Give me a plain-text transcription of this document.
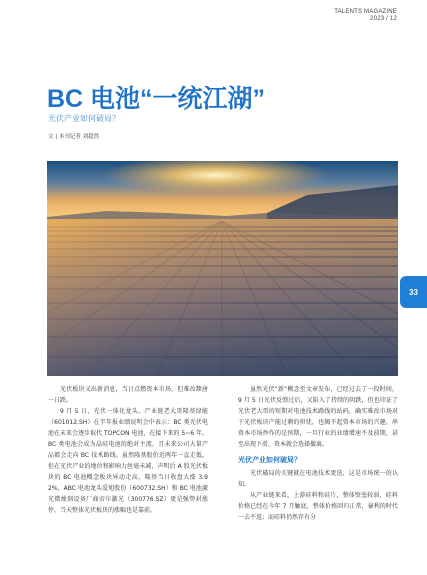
TALENTS MAGAZINE
2023 / 12
BC 电池“一统江湖”
光伏产业如何破局？
文 | 本刊记者 刘超然
33

光伏板块又出新消息，当日点燃资本市场，但难改颓唐一日跌。

9 月 5 日，光伏一体化龙头，产业链老大哥隆基绿能（601012.SH）在半年报业绩说明会中表示：BC 类光伏电池在未来会逐步取代 TOPCON 电池，在接下来的 5~6 年，BC 类电池会成为晶硅电池的绝对主流，且未来公司大量产品都会走向 BC 技术路线。虽然隆基股价近两年一直走低，但在光伏产业的地位和影响力丝毫未减，声明后 A 股光伏板块的 BC 电池概念板块异动走高，隆基当日收盘大涨 3.92%，ABC 电池龙头爱旭股份（600732.SH）和 BC 电池激光微烛刻设备厂商帝尔激光（300776.SZ）更是强势封涨停，当天整体光伏板块的涨幅也是靠前。

虽然光伏“新”概念至文章发布，已经过去了一段时间，9 月 5 日光伏反弹过后，又陷入了持续的阴跌，但也印证了光伏老大哥的短期对电池技术路线的站码，确实难改市场对于光伏板块产能过剩的担忧，也揭不起资本市场的兴趣，串资本市场炒作的是预期，一旦行业的业绩增速不及前期，甚至出现下滑，资本就会选择撤离。

光伏产业如何破局？

光伏破局的关键就在电池技术更迭，这是市场统一的认知。

从产业链来看，上游硅料和硅片，整体壁垒较弱，硅料价格已经在今年 7 月触底，整体价格回归正常，暴利的时代一去不返；而硅料仍然存有分
